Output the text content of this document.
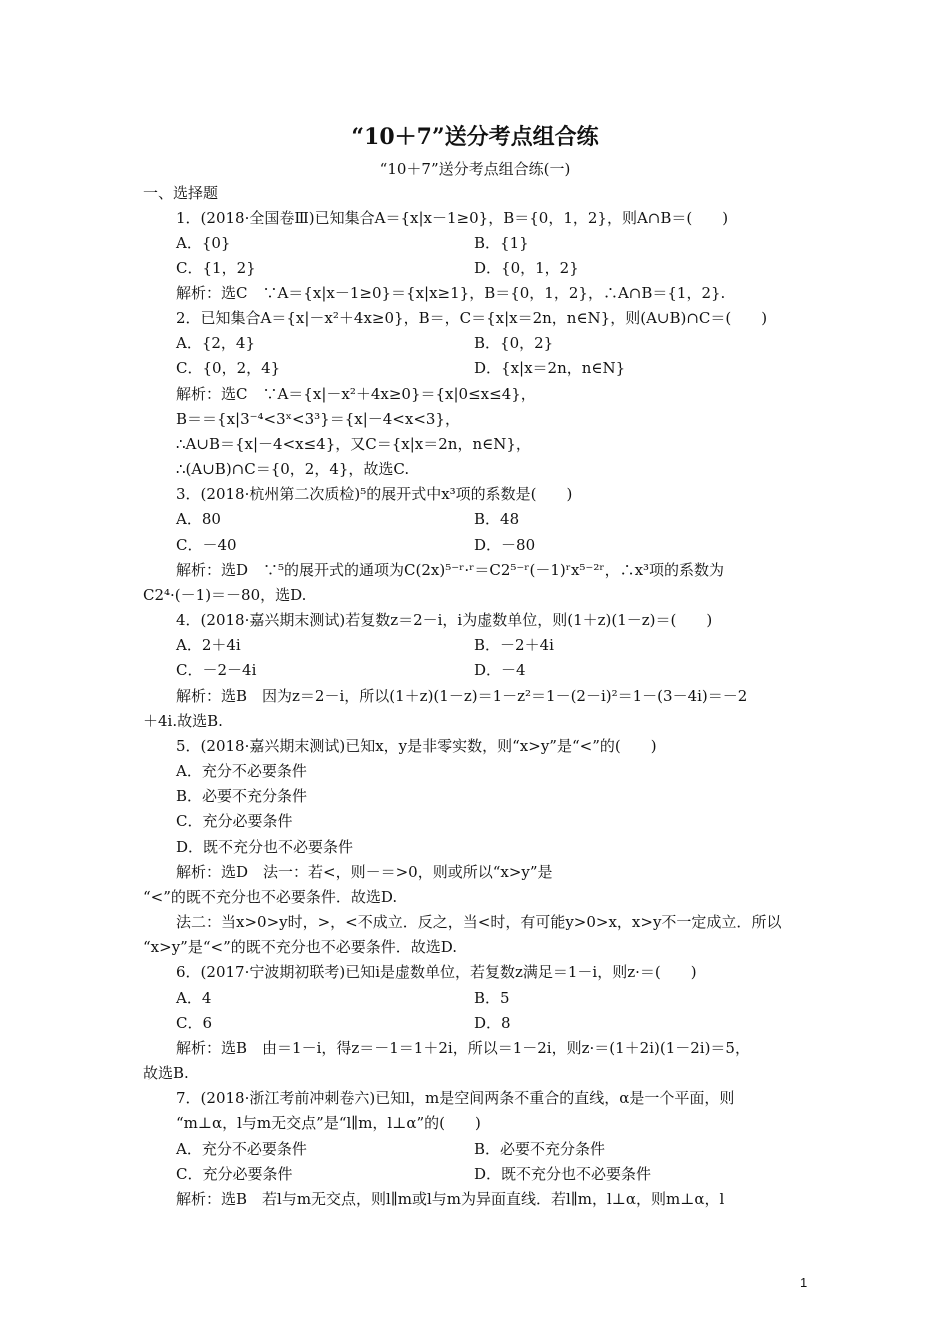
“10＋7”送分考点组合练
“10＋7”送分考点组合练(一)
一、选择题
1．(2018·全国卷Ⅲ)已知集合A＝{x|x－1≥0}，B＝{0，1，2}，则A∩B＝(　　)
A．{0}	B．{1}
C．{1，2}	D．{0，1，2}
解析：选C　∵A＝{x|x－1≥0}＝{x|x≥1}，B＝{0，1，2}，∴A∩B＝{1，2}.
2．已知集合A＝{x|－x²＋4x≥0}，B＝，C＝{x|x＝2n，n∈N}，则(A∪B)∩C＝(　　)
A．{2，4}	B．{0，2}
C．{0，2，4}	D．{x|x＝2n，n∈N}
解析：选C　∵A＝{x|－x²＋4x≥0}＝{x|0≤x≤4}，
B＝＝{x|3⁻⁴<3ˣ<3³}＝{x|－4<x<3}，
∴A∪B＝{x|－4<x≤4}，又C＝{x|x＝2n，n∈N}，
∴(A∪B)∩C＝{0，2，4}，故选C.
3．(2018·杭州第二次质检)⁵的展开式中x³项的系数是(　　)
A．80	B．48
C．－40	D．－80
解析：选D　∵⁵的展开式的通项为C(2x)⁵⁻ʳ·ʳ＝C2⁵⁻ʳ(－1)ʳx⁵⁻²ʳ，∴x³项的系数为
C2⁴·(－1)＝－80，选D.
4．(2018·嘉兴期末测试)若复数z＝2－i，i为虚数单位，则(1＋z)(1－z)＝(　　)
A．2＋4i	B．－2＋4i
C．－2－4i	D．－4
解析：选B　因为z＝2－i，所以(1＋z)(1－z)＝1－z²＝1－(2－i)²＝1－(3－4i)＝－2
＋4i.故选B.
5．(2018·嘉兴期末测试)已知x，y是非零实数，则“x>y”是“<”的(　　)
A．充分不必要条件
B．必要不充分条件
C．充分必要条件
D．既不充分也不必要条件
解析：选D　法一：若<，则－＝>0，则或所以“x>y”是
“<”的既不充分也不必要条件．故选D.
法二：当x>0>y时，>，<不成立．反之，当<时，有可能y>0>x，x>y不一定成立．所以
“x>y”是“<”的既不充分也不必要条件．故选D.
6．(2017·宁波期初联考)已知i是虚数单位，若复数z满足＝1－i，则z·＝(　　)
A．4	B．5
C．6	D．8
解析：选B　由＝1－i，得z＝－1＝1＋2i，所以＝1－2i，则z·＝(1＋2i)(1－2i)＝5，
故选B.
7．(2018·浙江考前冲刺卷六)已知l，m是空间两条不重合的直线，α是一个平面，则
“m⊥α，l与m无交点”是“l∥m，l⊥α”的(　　)
A．充分不必要条件	B．必要不充分条件
C．充分必要条件	D．既不充分也不必要条件
解析：选B　若l与m无交点，则l∥m或l与m为异面直线．若l∥m，l⊥α，则m⊥α，l
1
